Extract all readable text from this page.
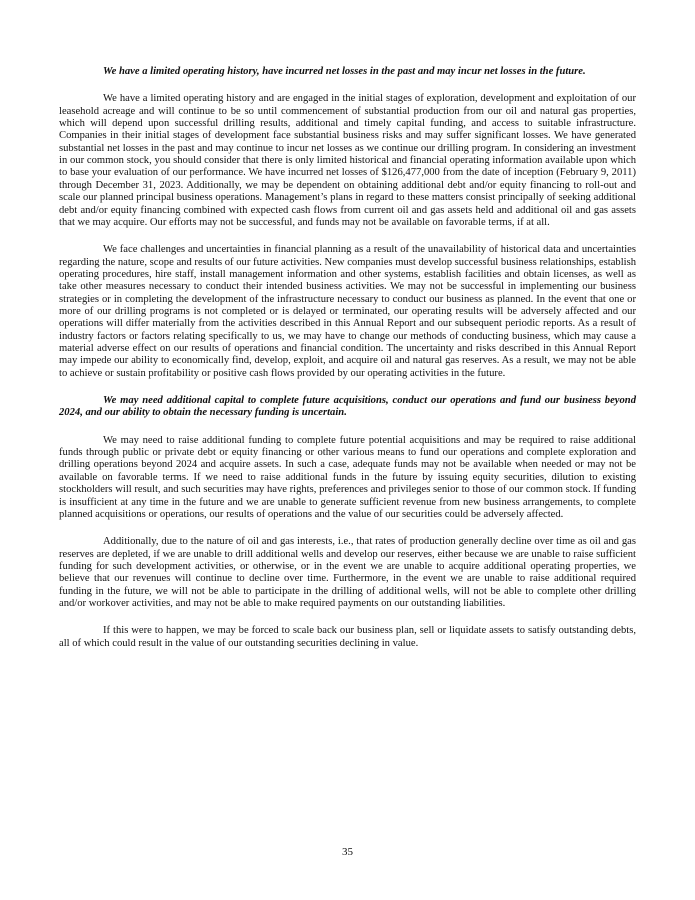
We have a limited operating history, have incurred net losses in the past and may incur net losses in the future.

We have a limited operating history and are engaged in the initial stages of exploration, development and exploitation of our leasehold acreage and will continue to be so until commencement of substantial production from our oil and natural gas properties, which will depend upon successful drilling results, additional and timely capital funding, and access to suitable infrastructure. Companies in their initial stages of development face substantial business risks and may suffer significant losses. We have generated substantial net losses in the past and may continue to incur net losses as we continue our drilling program. In considering an investment in our common stock, you should consider that there is only limited historical and financial operating information available upon which to base your evaluation of our performance. We have incurred net losses of $126,477,000 from the date of inception (February 9, 2011) through December 31, 2023. Additionally, we may be dependent on obtaining additional debt and/or equity financing to roll-out and scale our planned principal business operations. Management’s plans in regard to these matters consist principally of seeking additional debt and/or equity financing combined with expected cash flows from current oil and gas assets held and additional oil and gas assets that we may acquire. Our efforts may not be successful, and funds may not be available on favorable terms, if at all.

We face challenges and uncertainties in financial planning as a result of the unavailability of historical data and uncertainties regarding the nature, scope and results of our future activities. New companies must develop successful business relationships, establish operating procedures, hire staff, install management information and other systems, establish facilities and obtain licenses, as well as take other measures necessary to conduct their intended business activities. We may not be successful in implementing our business strategies or in completing the development of the infrastructure necessary to conduct our business as planned. In the event that one or more of our drilling programs is not completed or is delayed or terminated, our operating results will be adversely affected and our operations will differ materially from the activities described in this Annual Report and our subsequent periodic reports. As a result of industry factors or factors relating specifically to us, we may have to change our methods of conducting business, which may cause a material adverse effect on our results of operations and financial condition. The uncertainty and risks described in this Annual Report may impede our ability to economically find, develop, exploit, and acquire oil and natural gas reserves. As a result, we may not be able to achieve or sustain profitability or positive cash flows provided by our operating activities in the future.

We may need additional capital to complete future acquisitions, conduct our operations and fund our business beyond 2024, and our ability to obtain the necessary funding is uncertain.

We may need to raise additional funding to complete future potential acquisitions and may be required to raise additional funds through public or private debt or equity financing or other various means to fund our operations and complete exploration and drilling operations beyond 2024 and acquire assets. In such a case, adequate funds may not be available when needed or may not be available on favorable terms. If we need to raise additional funds in the future by issuing equity securities, dilution to existing stockholders will result, and such securities may have rights, preferences and privileges senior to those of our common stock. If funding is insufficient at any time in the future and we are unable to generate sufficient revenue from new business arrangements, to complete planned acquisitions or operations, our results of operations and the value of our securities could be adversely affected.

Additionally, due to the nature of oil and gas interests, i.e., that rates of production generally decline over time as oil and gas reserves are depleted, if we are unable to drill additional wells and develop our reserves, either because we are unable to raise sufficient funding for such development activities, or otherwise, or in the event we are unable to acquire additional operating properties, we believe that our revenues will continue to decline over time. Furthermore, in the event we are unable to raise additional required funding in the future, we will not be able to participate in the drilling of additional wells, will not be able to complete other drilling and/or workover activities, and may not be able to make required payments on our outstanding liabilities.

If this were to happen, we may be forced to scale back our business plan, sell or liquidate assets to satisfy outstanding debts, all of which could result in the value of our outstanding securities declining in value.

35
